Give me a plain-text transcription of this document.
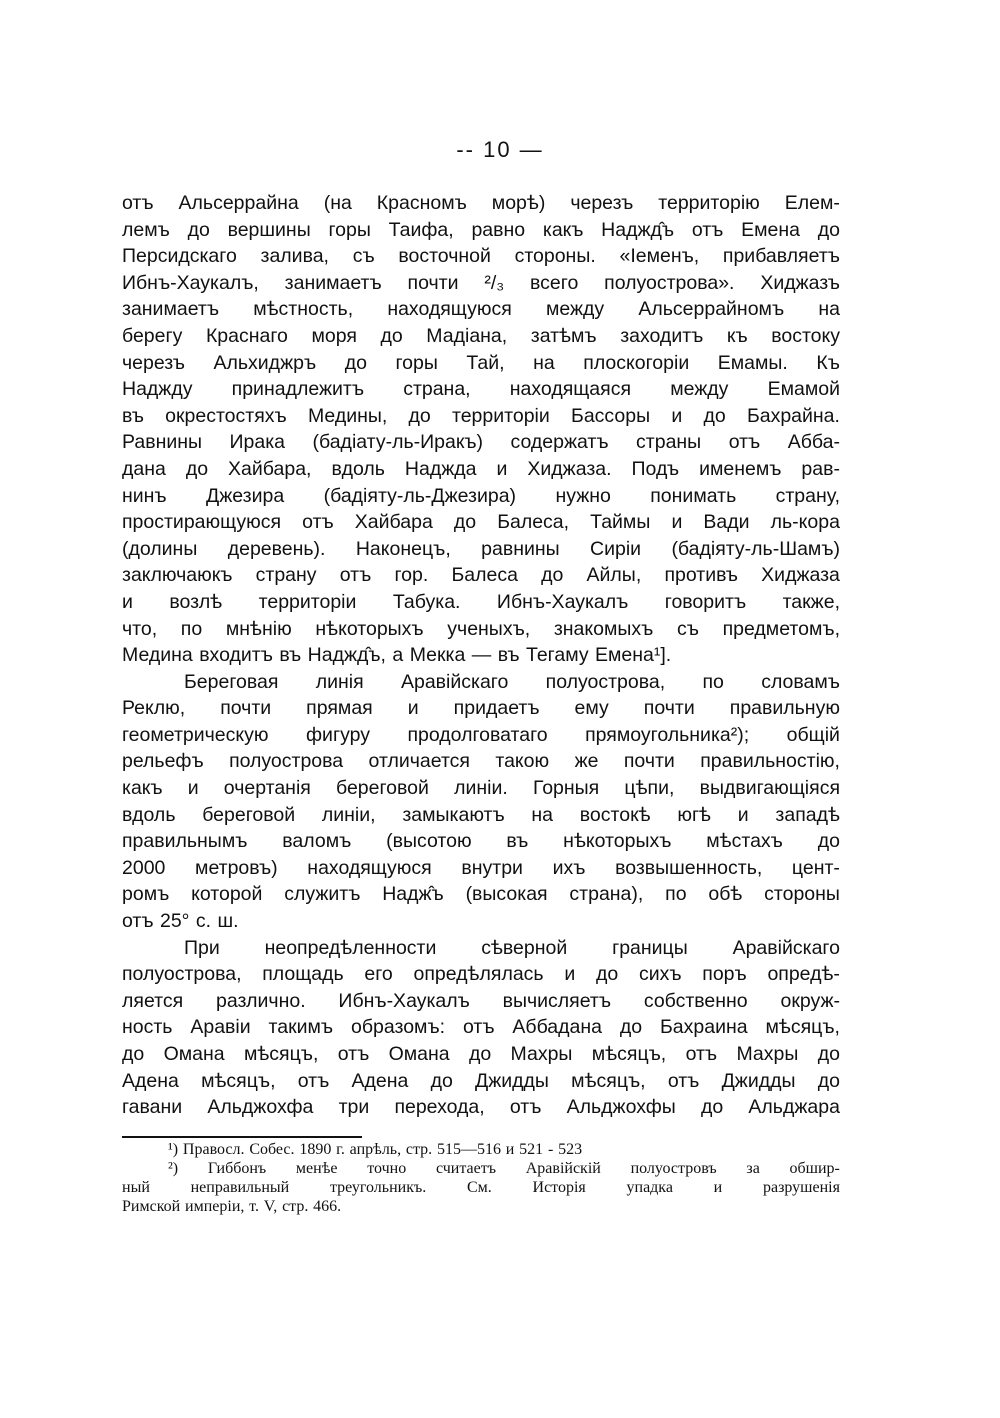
-- 10 —
отъ Альсеррайна (на Красномъ морѣ) черезъ территорію Елем-
лемъ до вершины горы Таифа, равно какъ Наджд̂ъ отъ Емена до
Персидскаго залива, съ восточной стороны. «Іеменъ, прибавляетъ
Ибнъ-Хаукалъ, занимаетъ почти ²/₃ всего полуострова». Хиджазъ
занимаетъ мѣстность, находящуюся между Альсеррайномъ на
берегу Краснаго моря до Мадіана, затѣмъ заходитъ къ востоку
черезъ Альхиджръ до горы Тай, на плоскогоріи Емамы. Къ
Наджду принадлежитъ страна, находящаяся между Емамой
въ окрестостяхъ Медины, до территоріи Бассоры и до Бахрайна.
Равнины Ирака (бадіату-ль-Иракъ) содержатъ страны отъ Абба-
дана до Хайбара, вдоль Наджда и Хиджаза. Подъ именемъ рав-
нинъ Джезира (бадіяту-ль-Джезира) нужно понимать страну,
простирающуюся отъ Хайбара до Балеса, Таймы и Вади ль-кора
(долины деревень). Наконецъ, равнины Сиріи (бадіяту-ль-Шамъ)
заключаюкъ страну отъ гор. Балеса до Айлы, противъ Хиджаза
и возлѣ территоріи Табука. Ибнъ-Хаукалъ говоритъ также,
что, по мнѣнію нѣкоторыхъ ученыхъ, знакомыхъ съ предметомъ,
Медина входитъ въ Наджд̂ъ, а Мекка — въ Тегаму Емена¹].
Береговая линія Аравійскаго полуострова, по словамъ
Реклю, почти прямая и придаетъ ему почти правильную
геометрическую фигуру продолговатаго прямоугольника²); общій
рельефъ полуострова отличается такою же почти правильностію,
какъ и очертанія береговой линіи. Горныя цѣпи, выдвигающіяся
вдоль береговой линіи, замыкаютъ на востокѣ югѣ и западѣ
правильнымъ валомъ (высотою въ нѣкоторыхъ мѣстахъ до
2000 метровъ) находящуюся внутри ихъ возвышенность, цент-
ромъ которой служитъ Надж̂ъ (высокая страна), по обѣ стороны
отъ 25° с. ш.
При неопредѣленности сѣверной границы Аравійскаго
полуострова, площадь его опредѣлялась и до сихъ поръ опредѣ-
ляется различно. Ибнъ-Хаукалъ вычисляетъ собственно окруж-
ность Аравіи такимъ образомъ: отъ Аббадана до Бахраина мѣсяцъ,
до Омана мѣсяцъ, отъ Омана до Махры мѣсяцъ, отъ Махры до
Адена мѣсяцъ, отъ Адена до Джидды мѣсяцъ, отъ Джидды до
гавани Альджохфа три перехода, отъ Альджохфы до Альджара
¹) Правосл. Собес. 1890 г. апрѣль, стр. 515—516 и 521 - 523
²) Гиббонъ менѣе точно считаетъ Аравійскій полуостровъ за обшир-
ный	неправильный	треугольникъ.	См.	Исторія	упадка	и	разрушенія
Римской имперіи, т. V, стр. 466.
